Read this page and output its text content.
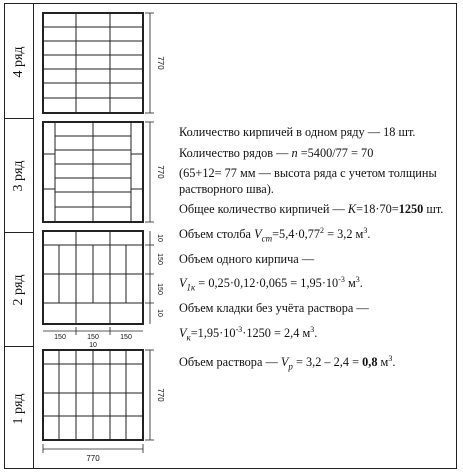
4 ряд
3 ряд
2 ряд
1 ряд
770
770
150
150
10
10
770
150	150	150
10
770

Количество кирпичей в одном ряду — 18 шт.

Количество рядов — n =5400/77 = 70

(65+12= 77 мм — высота ряда с учетом толщины растворного шва).

Общее количество кирпичей — K=18·70=1250 шт.

Объем столба $V_{ст}=5,4\cdot 0,77^2 = 3,2$ $м^3$.

Объем одного кирпича —

$V_{1к} = 0,25\cdot 0,12\cdot 0,065 = 1,95\cdot 10^{-3}$ $м^3$.

Объем кладки без учёта раствора —

$V_к=1,95\cdot 10^{-3}\cdot 1250 = 2,4$ $м^3$.

Объем раствора — $V_р = 3,2 - 2,4 = 0,8$ $м^3$.
